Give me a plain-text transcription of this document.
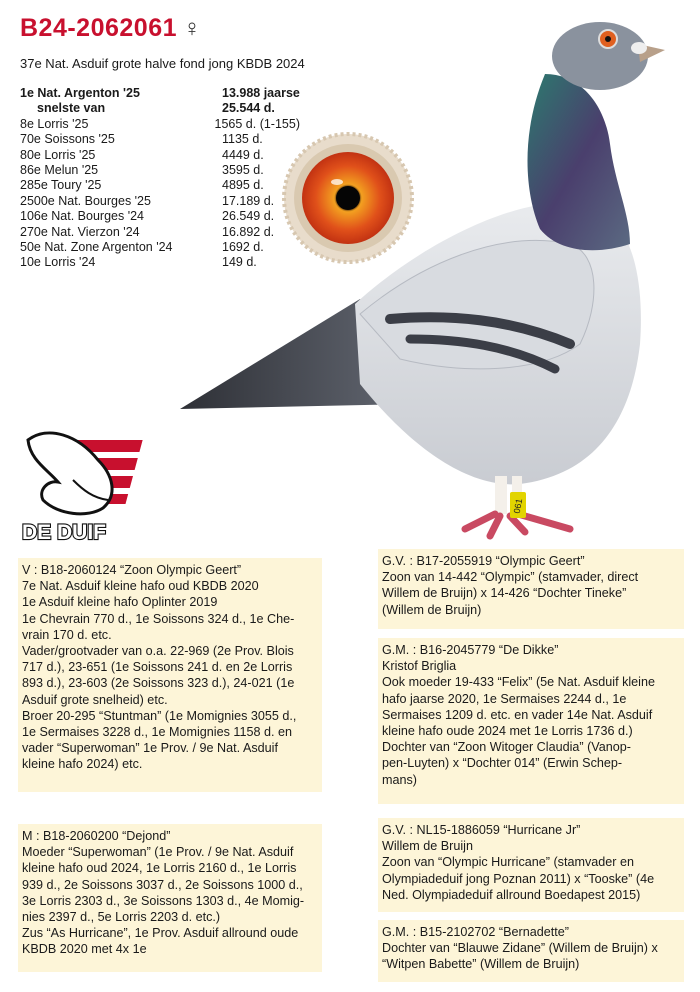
B24-2062061 ♀
37e Nat. Asduif grote halve fond jong KBDB 2024
1e Nat. Argenton '25	13.988 jaarse
snelste van	25.544 d.
8e Lorris '25	1565 d. (1-155)
70e Soissons '25	1135 d.
80e Lorris '25	4449 d.
86e Melun '25	3595 d.
285e Toury '25	4895 d.
2500e Nat. Bourges '25	17.189 d.
106e Nat. Bourges '24	26.549 d.
270e Nat. Vierzon '24	16.892 d.
50e Nat. Zone Argenton '24	1692 d.
10e Lorris '24	149 d.
061
DE DUIF

V : B18-2060124 “Zoon Olympic Geert”

7e Nat. Asduif kleine hafo oud KBDB 2020

1e Asduif kleine hafo Oplinter 2019

1e Chevrain 770 d., 1e Soissons 324 d., 1e Che-

vrain 170 d. etc.

Vader/grootvader van o.a. 22-969 (2e Prov. Blois

717 d.), 23-651 (1e Soissons 241 d. en 2e Lorris

893 d.), 23-603 (2e Soissons 323 d.), 24-021 (1e

Asduif grote snelheid) etc.

Broer 20-295 “Stuntman” (1e Momignies 3055 d.,

1e Sermaises 3228 d., 1e Momignies 1158 d. en

vader “Superwoman” 1e Prov. / 9e Nat. Asduif

kleine hafo 2024) etc.

M : B18-2060200 “Dejond”

Moeder “Superwoman” (1e Prov. / 9e Nat. Asduif

kleine hafo oud 2024, 1e Lorris 2160 d., 1e Lorris

939 d., 2e Soissons 3037 d., 2e Soissons 1000 d.,

3e Lorris 2303 d., 3e Soissons 1303 d., 4e Momig-

nies 2397 d., 5e Lorris 2203 d. etc.)

Zus “As Hurricane”, 1e Prov. Asduif allround oude

KBDB 2020 met 4x 1e

G.V. : B17-2055919 “Olympic Geert”

Zoon van 14-442 “Olympic” (stamvader, direct

Willem de Bruijn) x 14-426 “Dochter Tineke”

(Willem de Bruijn)

G.M. : B16-2045779 “De Dikke”

Kristof Briglia

Ook moeder 19-433 “Felix” (5e Nat. Asduif kleine

hafo jaarse 2020, 1e Sermaises 2244 d., 1e

Sermaises 1209 d. etc. en vader 14e Nat. Asduif

kleine hafo oude 2024 met 1e Lorris 1736 d.)

Dochter van “Zoon Witoger Claudia” (Vanop-

pen-Luyten) x “Dochter 014” (Erwin Schep-

mans)

G.V. : NL15-1886059 “Hurricane Jr”

Willem de Bruijn

Zoon van “Olympic Hurricane” (stamvader en

Olympiadeduif jong Poznan 2011) x “Tooske” (4e

Ned. Olympiadeduif allround Boedapest 2015)

G.M. : B15-2102702 “Bernadette”

Dochter van “Blauwe Zidane” (Willem de Bruijn) x

“Witpen Babette” (Willem de Bruijn)
